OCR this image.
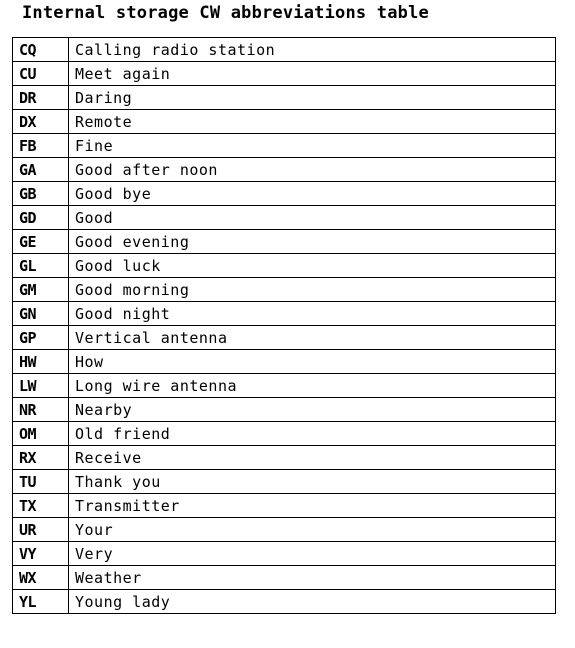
Internal storage CW abbreviations table
CQ	Calling radio station
CU	Meet again
DR	Daring
DX	Remote
FB	Fine
GA	Good after noon
GB	Good bye
GD	Good
GE	Good evening
GL	Good luck
GM	Good morning
GN	Good night
GP	Vertical antenna
HW	How
LW	Long wire antenna
NR	Nearby
OM	Old friend
RX	Receive
TU	Thank you
TX	Transmitter
UR	Your
VY	Very
WX	Weather
YL	Young lady
